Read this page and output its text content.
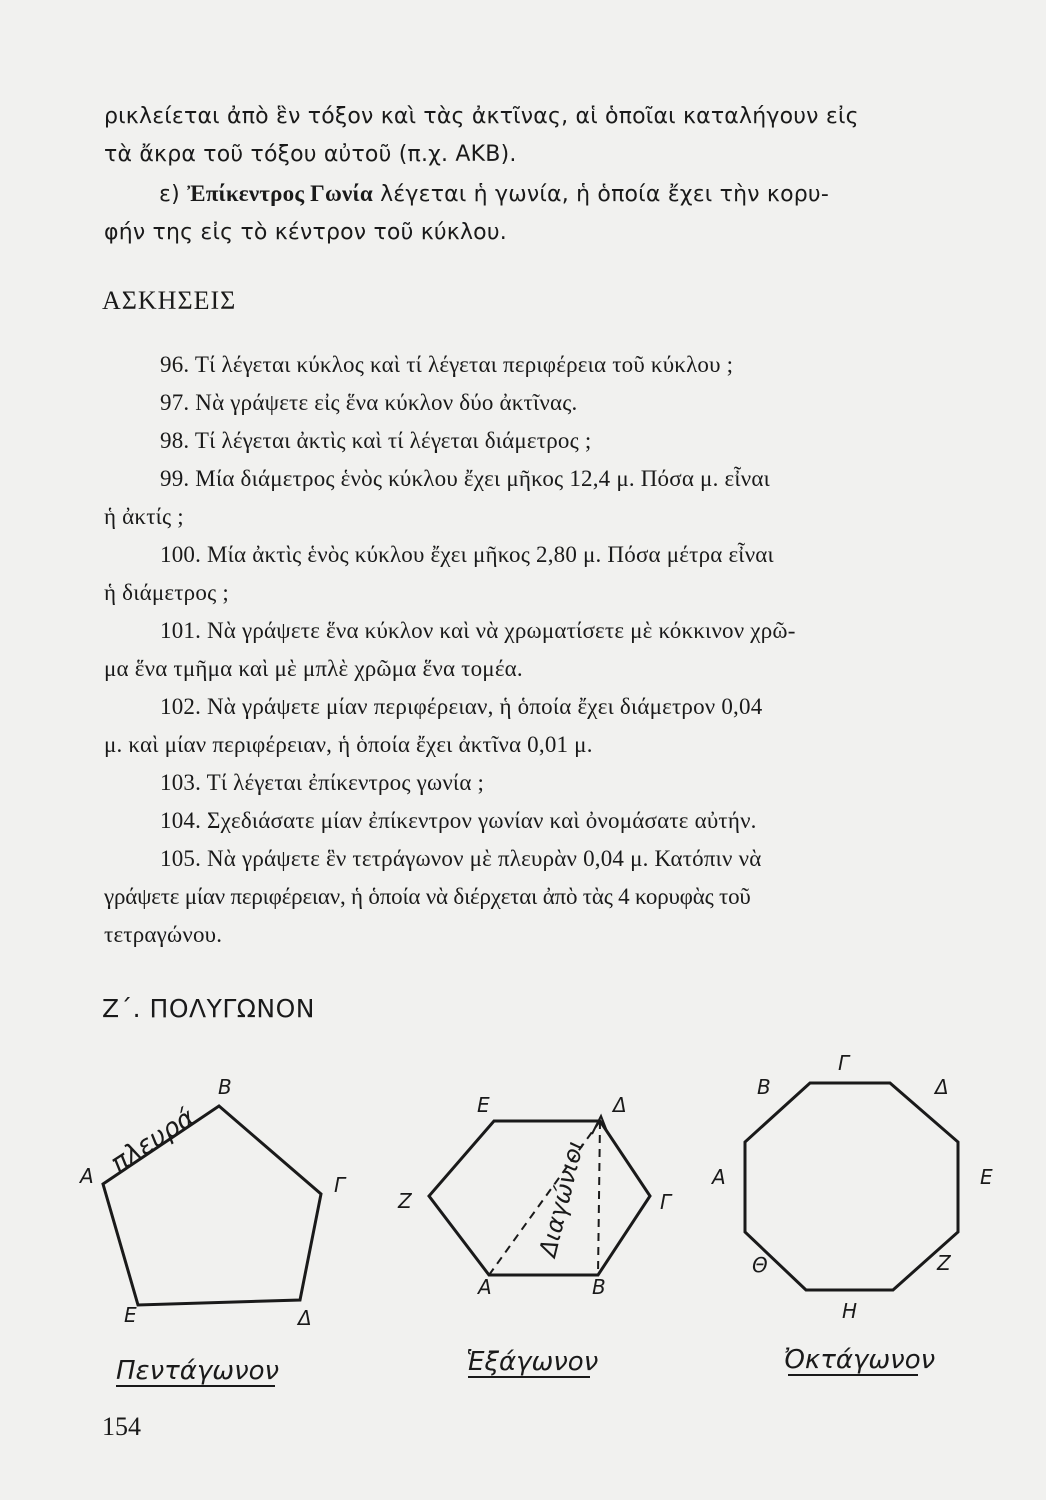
ρικλείεται ἀπὸ ἓν τόξον καὶ τὰς ἀκτῖνας, αἱ ὁποῖαι καταλήγουν εἰς
τὰ ἄκρα τοῦ τόξου αὐτοῦ (π.χ. ΑΚΒ).
ε) Ἐπίκεντρος Γωνία λέγεται ἡ γωνία, ἡ ὁποία ἔχει τὴν κορυ-
φήν της εἰς τὸ κέντρον τοῦ κύκλου.
ΑΣΚΗΣΕΙΣ
96. Τί λέγεται κύκλος καὶ τί λέγεται περιφέρεια τοῦ κύκλου ;
97. Νὰ γράψετε εἰς ἕνα κύκλον δύο ἀκτῖνας.
98. Τί λέγεται ἀκτὶς καὶ τί λέγεται διάμετρος ;
99. Μία διάμετρος ἑνὸς κύκλου ἔχει μῆκος 12,4 μ. Πόσα μ. εἶναι
ἡ ἀκτίς ;
100. Μία ἀκτὶς ἑνὸς κύκλου ἔχει μῆκος 2,80 μ. Πόσα μέτρα εἶναι
ἡ διάμετρος ;
101. Νὰ γράψετε ἕνα κύκλον καὶ νὰ χρωματίσετε μὲ κόκκινον χρῶ-
μα ἕνα τμῆμα καὶ μὲ μπλὲ χρῶμα ἕνα τομέα.
102. Νὰ γράψετε μίαν περιφέρειαν, ἡ ὁποία ἔχει διάμετρον 0,04
μ. καὶ μίαν περιφέρειαν, ἡ ὁποία ἔχει ἀκτῖνα 0,01 μ.
103. Τί λέγεται ἐπίκεντρος γωνία ;
104. Σχεδιάσατε μίαν ἐπίκεντρον γωνίαν καὶ ὀνομάσατε αὐτήν.
105. Νὰ γράψετε ἓν τετράγωνον μὲ πλευρὰν 0,04 μ. Κατόπιν νὰ
γράψετε μίαν περιφέρειαν, ἡ ὁποία νὰ διέρχεται ἀπὸ τὰς 4 κορυφὰς τοῦ
τετραγώνου.
Ζ΄. ΠΟΛΥΓΩΝΟΝ
Α
Β
Γ
Δ
Ε
πλευρά
Πεντάγωνον
Α	Β
Γ
Δ
Ε
Ζ	Διαγώνιοι
Ἑξάγωνον
Α
Β
Γ
Δ
Ε
Ζ
Η
Θ
Ὀκτάγωνον
154
